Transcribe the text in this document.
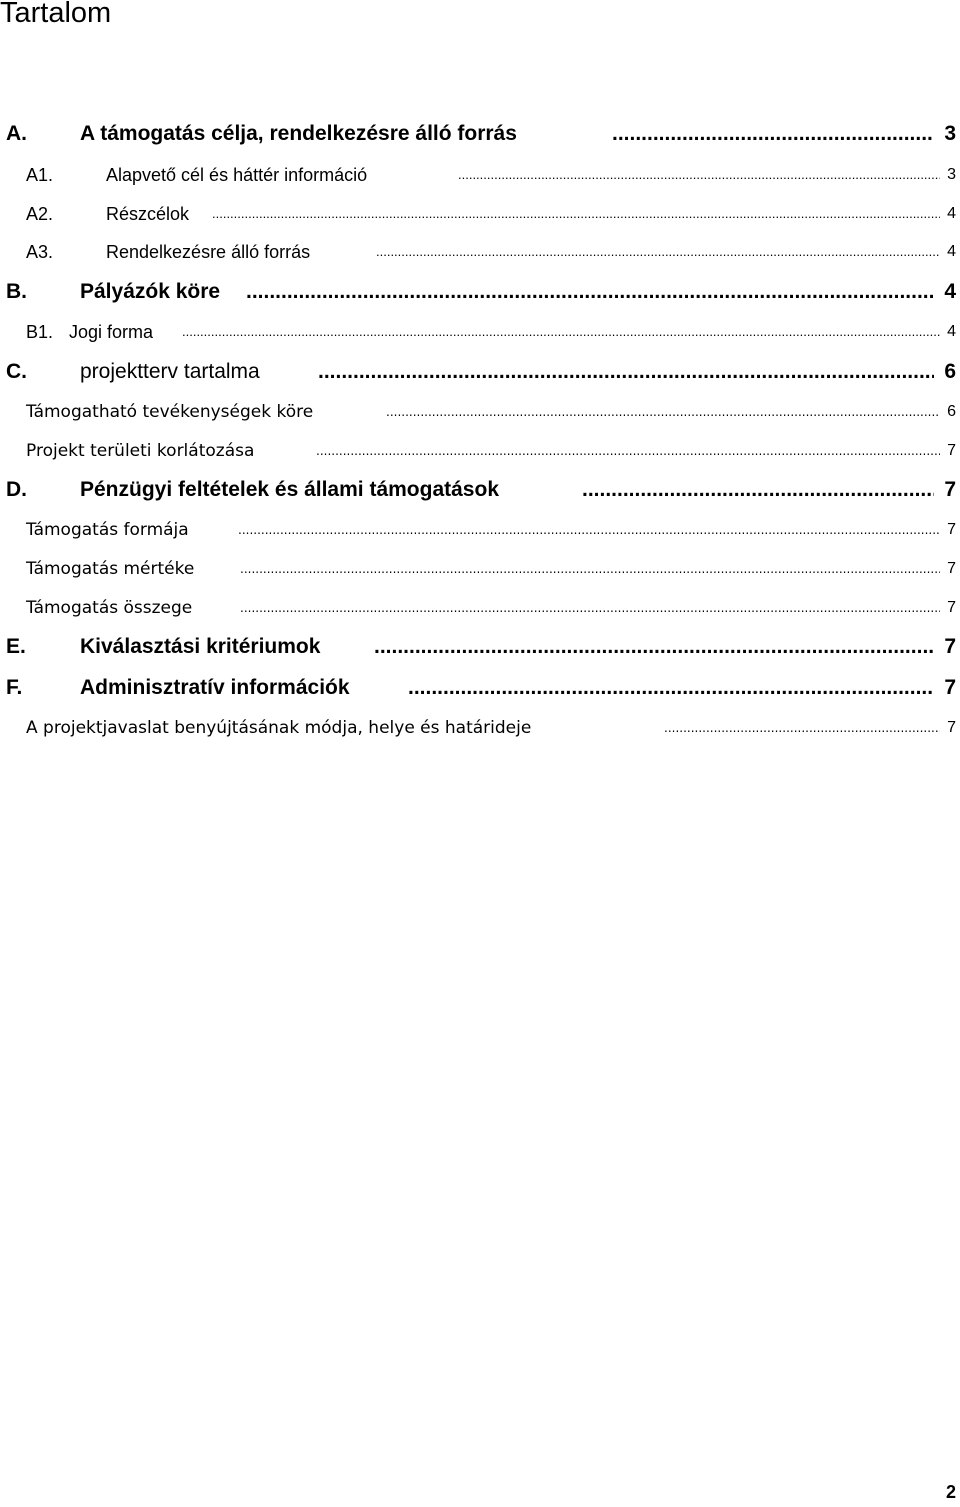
Tartalom
A.	A támogatás célja, rendelkezésre álló forrás .....	3
A1.	Alapvető cél és háttér információ .....	3
A2.	Részcélok .....	4
A3.	Rendelkezésre álló forrás .....	4
B.	Pályázók köre .....	4
B1. Jogi forma .....	4
C.	projektterv tartalma .....	6
Támogatható tevékenységek köre .....	6
Projekt területi korlátozása .....	7
D.	Pénzügyi feltételek és állami támogatások .....	7
Támogatás formája .....	7
Támogatás mértéke .....	7
Támogatás összege .....	7
E.	Kiválasztási kritériumok .....	7
F.	Adminisztratív információk .....	7
A projektjavaslat benyújtásának módja, helye és határideje .....	7
2
